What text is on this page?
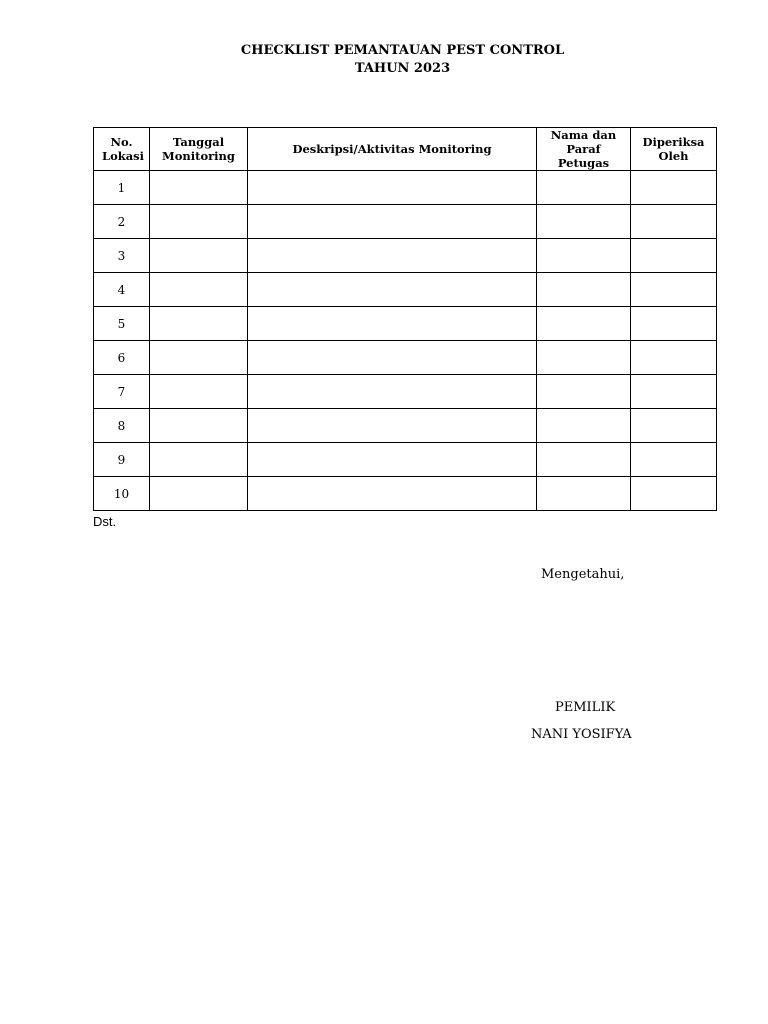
CHECKLIST PEMANTAUAN PEST CONTROL
TAHUN 2023
No. Lokasi	Tanggal Monitoring	Deskripsi/Aktivitas Monitoring	Nama dan Paraf Petugas	Diperiksa Oleh
1				
2				
3				
4				
5				
6				
7				
8				
9				
10				
Dst.
Mengetahui,
PEMILIK
NANI YOSIFYA
